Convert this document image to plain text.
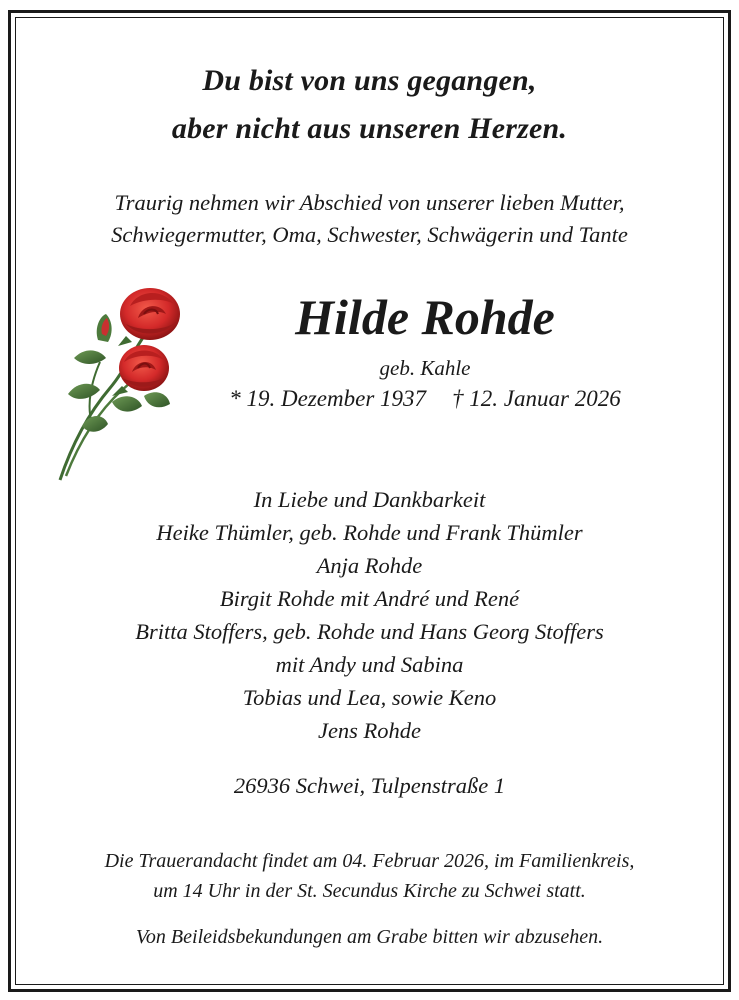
Du bist von uns gegangen,
aber nicht aus unseren Herzen.
Traurig nehmen wir Abschied von unserer lieben Mutter,
Schwiegermutter, Oma, Schwester, Schwägerin und Tante
Hilde Rohde
geb. Kahle
* 19. Dezember 1937 † 12. Januar 2026
In Liebe und Dankbarkeit
Heike Thümler, geb. Rohde und Frank Thümler
Anja Rohde
Birgit Rohde mit André und René
Britta Stoffers, geb. Rohde und Hans Georg Stoffers
mit Andy und Sabina
Tobias und Lea, sowie Keno
Jens Rohde
26936 Schwei, Tulpenstraße 1
Die Trauerandacht findet am 04. Februar 2026, im Familienkreis,
um 14 Uhr in der St. Secundus Kirche zu Schwei statt.
Von Beileidsbekundungen am Grabe bitten wir abzusehen.
